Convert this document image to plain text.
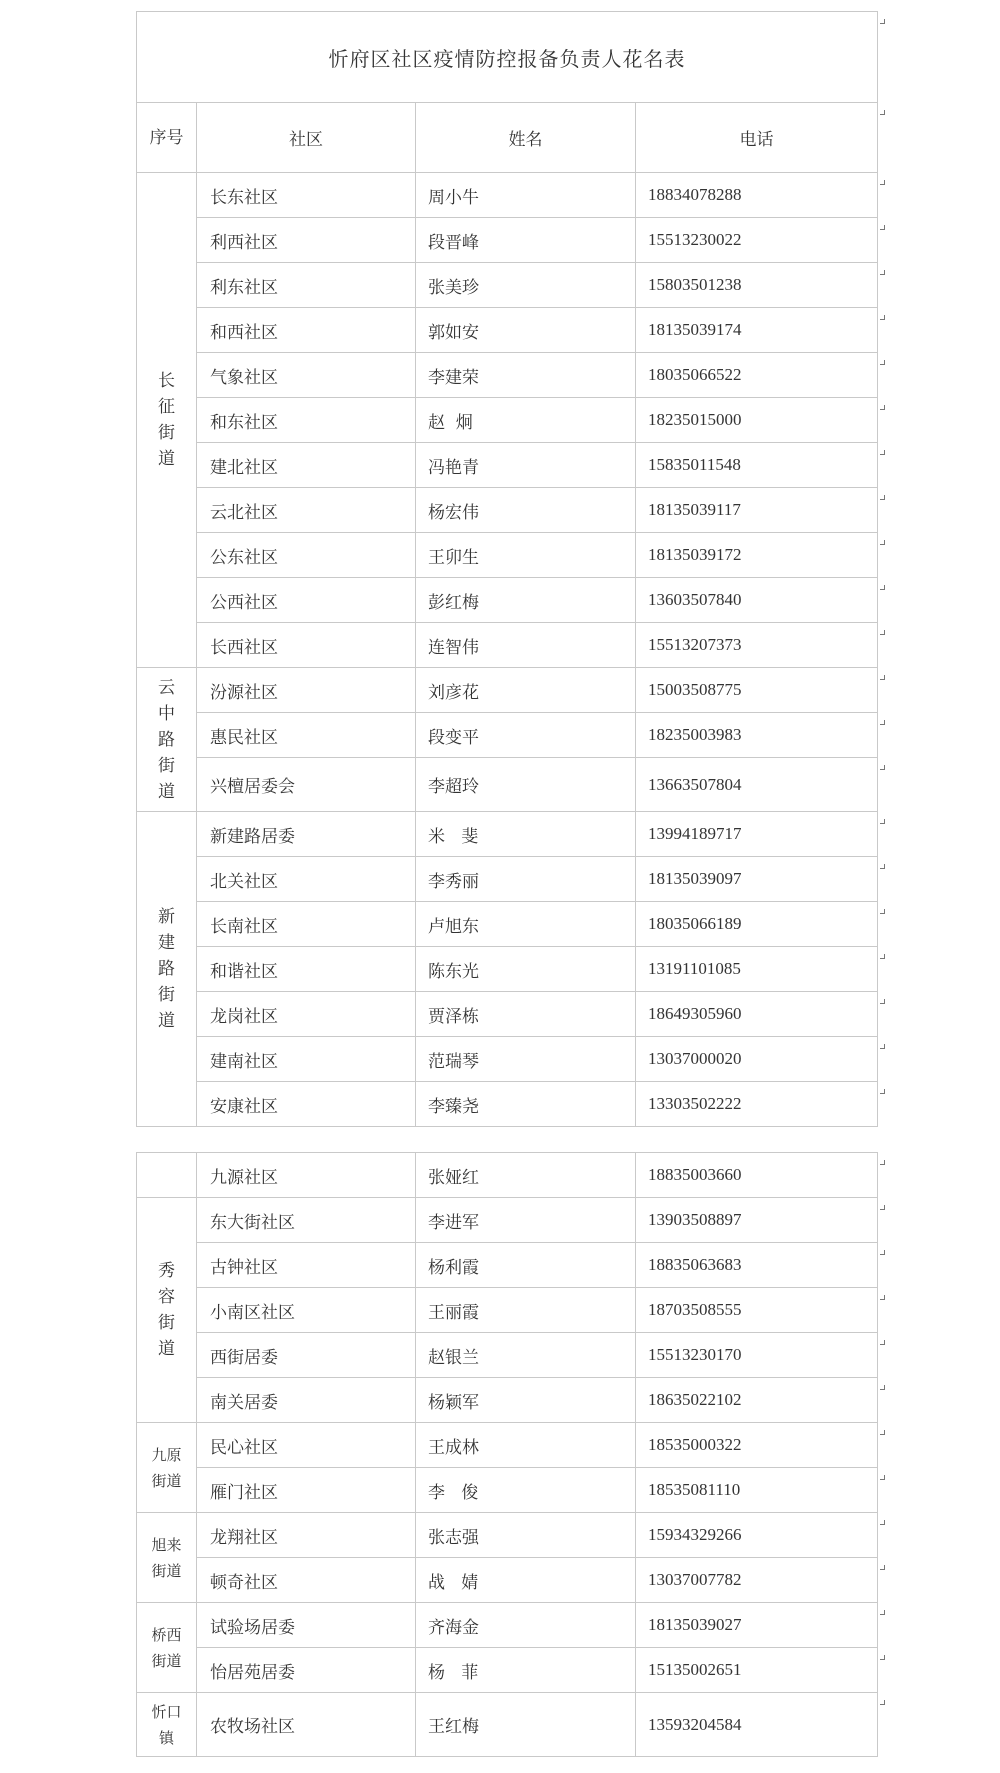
忻府区社区疫情防控报备负责人花名表			
序号	社区	姓名	电话

长
征
街
道	长东社区	周小牛	18834078288
	利西社区	段晋峰	15513230022
	利东社区	张美珍	15803501238
	和西社区	郭如安	18135039174
	气象社区	李建荣	18035066522
	和东社区	赵  炯	18235015000
	建北社区	冯艳青	15835011548
	云北社区	杨宏伟	18135039117
	公东社区	王卯生	18135039172
	公西社区	彭红梅	13603507840
	长西社区	连智伟	15513207373

云
中
路
街
道	汾源社区	刘彦花	15003508775
	惠民社区	段变平	18235003983
	兴檀居委会	李超玲	13663507804

新
建
路
街
道	新建路居委	米   斐	13994189717
	北关社区	李秀丽	18135039097
	长南社区	卢旭东	18035066189
	和谐社区	陈东光	13191101085
	龙岗社区	贾泽栋	18649305960
	建南社区	范瑞琴	13037000020
	安康社区	李臻尧	13303502222
	九源社区	张娅红	18835003660

秀
容
街
道	东大街社区	李进军	13903508897
	古钟社区	杨利霞	18835063683
	小南区社区	王丽霞	18703508555
	西街居委	赵银兰	15513230170
	南关居委	杨颖军	18635022102

九原
街道	民心社区	王成林	18535000322
	雁门社区	李   俊	18535081110

旭来
街道	龙翔社区	张志强	15934329266
	顿奇社区	战   婧	13037007782

桥西
街道	试验场居委	齐海金	18135039027
	怡居苑居委	杨   菲	15135002651

忻口
镇	农牧场社区	王红梅	13593204584
